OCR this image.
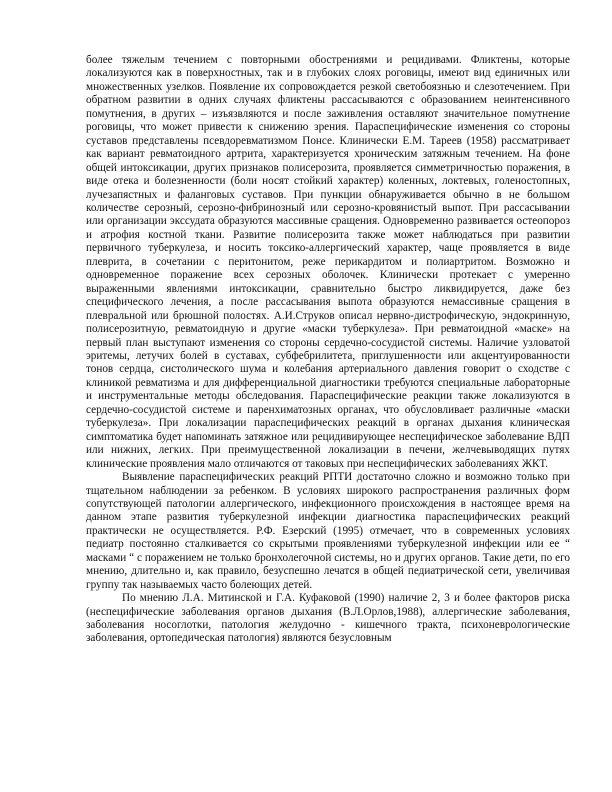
более тяжелым течением с повторными обострениями и рецидивами. Фликтены, которые локализуются как в поверхностных, так и в глубоких слоях роговицы, имеют вид единичных или множественных узелков. Появление их сопровождается резкой светобоязнью и слезотечением. При обратном развитии в одних случаях фликтены рассасываются с образованием неинтенсивного помутнения, в других – изъязвляются и после заживления оставляют значительное помутнение роговицы, что может привести к снижению зрения. Параспецифические изменения со стороны суставов представлены псевдоревматизмом Понсе. Клинически Е.М. Тареев (1958) рассматривает как вариант ревматоидного артрита, характеризуется хроническим затяжным течением. На фоне общей интоксикации, других признаков полисерозита, проявляется симметричностью поражения, в виде отека и болезненности (боли носят стойкий характер) коленных, локтевых, голеностопных, лучезапястных и фаланговых суставов. При пункции обнаруживается обычно в не большом количестве серозный, серозно-фибринозный или серозно-кровянистый выпот. При рассасывании или организации экссудата образуются массивные сращения. Одновременно развивается остеопороз и атрофия костной ткани. Развитие полисерозита также может наблюдаться при развитии первичного туберкулеза, и носить токсико-аллергический характер, чаще проявляется в виде плеврита, в сочетании с перитонитом, реже перикардитом и полиартритом. Возможно и одновременное поражение всех серозных оболочек. Клинически протекает с умеренно выраженными явлениями интоксикации, сравнительно быстро ликвидируется, даже без специфического лечения, а после рассасывания выпота образуются немассивные сращения в плевральной или брюшной полостях. А.И.Струков описал нервно-дистрофическую, эндокринную, полисерозитную, ревматоидную и другие «маски туберкулеза». При ревматоидной «маске» на первый план выступают изменения со стороны сердечно-сосудистой системы. Наличие узловатой эритемы, летучих болей в суставах, субфебрилитета, приглушенности или акцентуированности тонов сердца, систолического шума и колебания артериального давления говорит о сходстве с клиникой ревматизма и для дифференциальной диагностики требуются специальные лабораторные и инструментальные методы обследования. Параспецифические реакции также локализуются в сердечно-сосудистой системе и паренхиматозных органах, что обусловливает различные «маски туберкулеза». При локализации параспецифических реакций в органах дыхания клиническая симптоматика будет напоминать затяжное или рецидивирующее неспецифическое заболевание ВДП или нижних, легких. При преимущественной локализации в печени, желчевыводящих путях клинические проявления мало отличаются от таковых при неспецифических заболеваниях ЖКТ.

Выявление параспецифических реакций РПТИ достаточно сложно и возможно только при тщательном наблюдении за ребенком. В условиях широкого распространения различных форм сопутствующей патологии аллергического, инфекционного происхождения в настоящее время на данном этапе развития туберкулезной инфекции диагностика параспецифических реакций практически не осуществляется. Р.Ф. Езерский (1995) отмечает, что в современных условиях педиатр постоянно сталкивается со скрытыми проявлениями туберкулезной инфекции или ее “ масками “ с поражением не только бронхолегочной системы, но и других органов. Такие дети, по его мнению, длительно и, как правило, безуспешно лечатся в общей педиатрической сети, увеличивая группу так называемых часто болеющих детей.

По мнению Л.А. Митинской и Г.А. Куфаковой (1990) наличие 2, 3 и более факторов риска (неспецифические заболевания органов дыхания (В.Л.Орлов,1988), аллергические заболевания, заболевания носоглотки, патология желудочно - кишечного тракта, психоневрологические заболевания, ортопедическая патология) являются безусловным
